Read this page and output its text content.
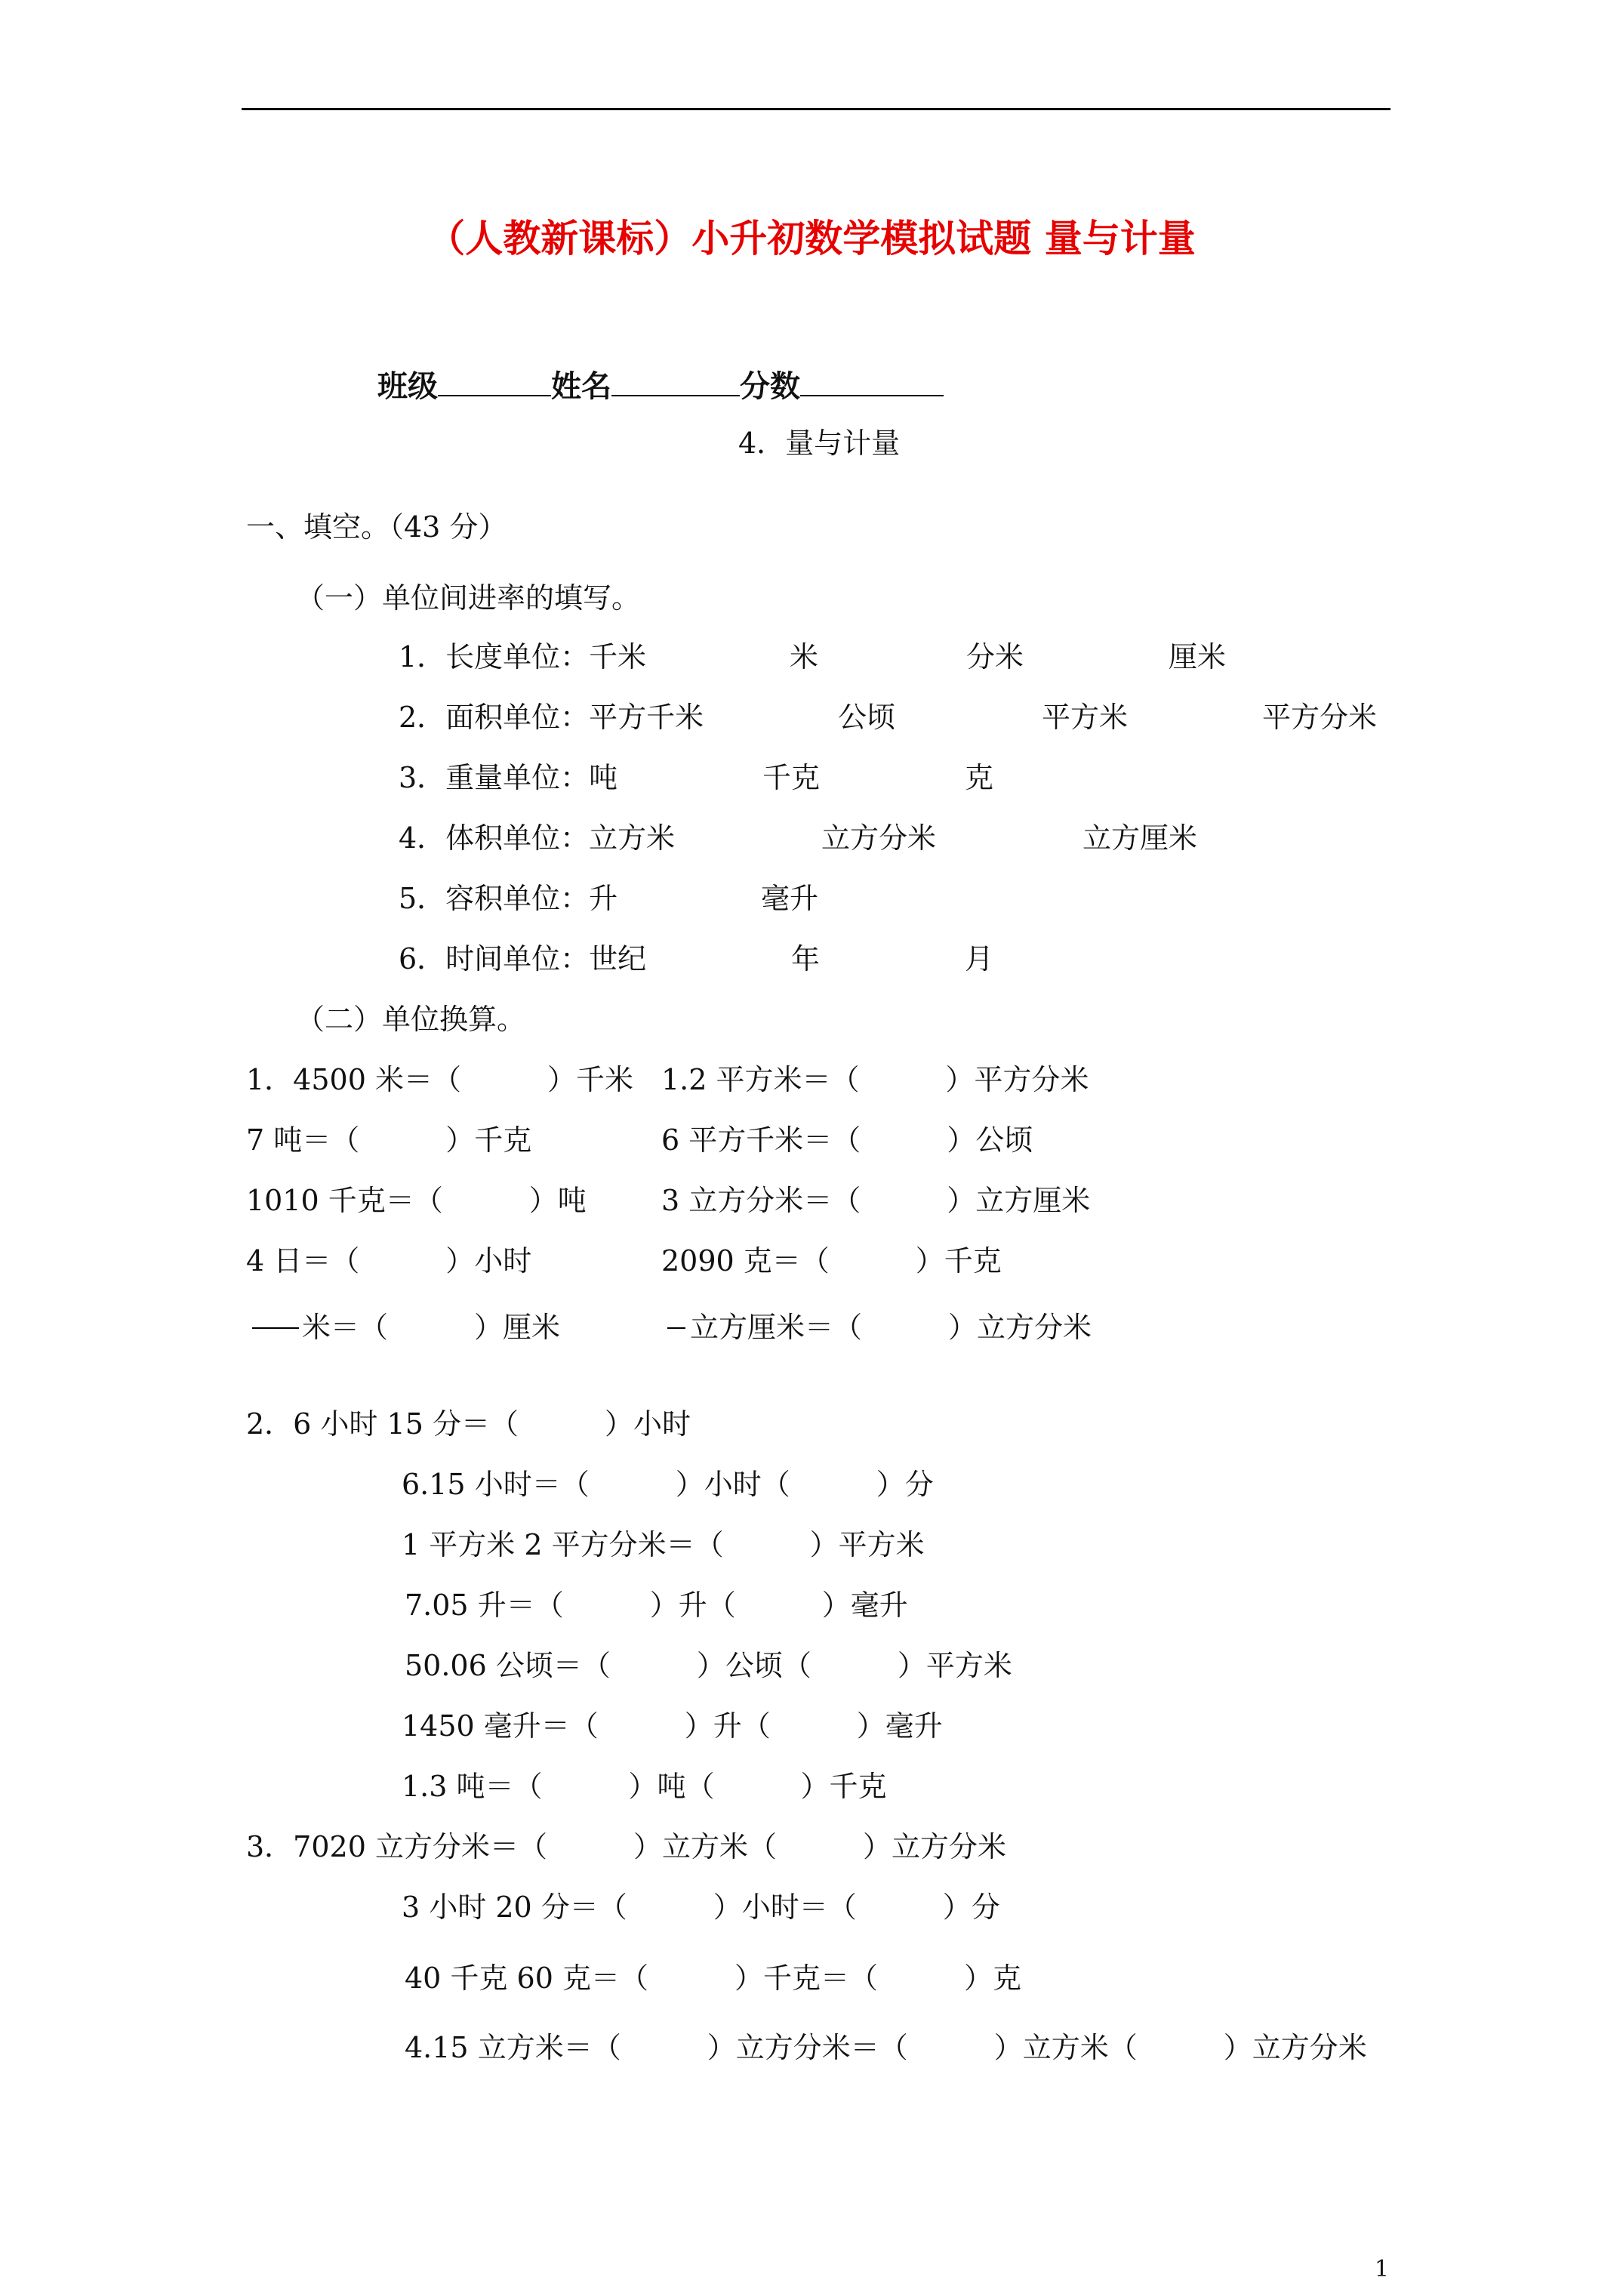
（人教新课标）小升初数学模拟试题 量与计量
班级	姓名	分数
4．量与计量
一、填空。（43 分）
（一）单位间进率的填写。
1．长度单位：千米	米	分米	厘米
2．面积单位：平方千米	公顷	平方米	平方分米
3．重量单位：吨	千克	克
4．体积单位：立方米	立方分米	立方厘米
5．容积单位：升	毫升
6．时间单位：世纪	年	月
（二）单位换算。
1．4500 米＝（　　　）千米 1.2 平方米＝（　　　）平方分米
7 吨＝（　　　）千克	6 平方千米＝（　　　）公顷
1010 千克＝（　　　）吨	3 立方分米＝（　　　）立方厘米
4 日＝（　　　）小时	2090 克＝（　　　）千克
米＝（　　　）厘米	立方厘米＝（　　　）立方分米
2．6 小时 15 分＝（　　　）小时
6.15 小时＝（　　　）小时（　　　）分
1 平方米 2 平方分米＝（　　　）平方米
7.05 升＝（　　　）升（　　　）毫升
50.06 公顷＝（　　　）公顷（　　　）平方米
1450 毫升＝（　　　）升（　　　）毫升
1.3 吨＝（　　　）吨（　　　）千克
3．7020 立方分米＝（　　　）立方米（　　　）立方分米
3 小时 20 分＝（　　　）小时＝（　　　）分
40 千克 60 克＝（　　　）千克＝（　　　）克
4.15 立方米＝（　　　）立方分米＝（　　　）立方米（　　　）立方分米
1
